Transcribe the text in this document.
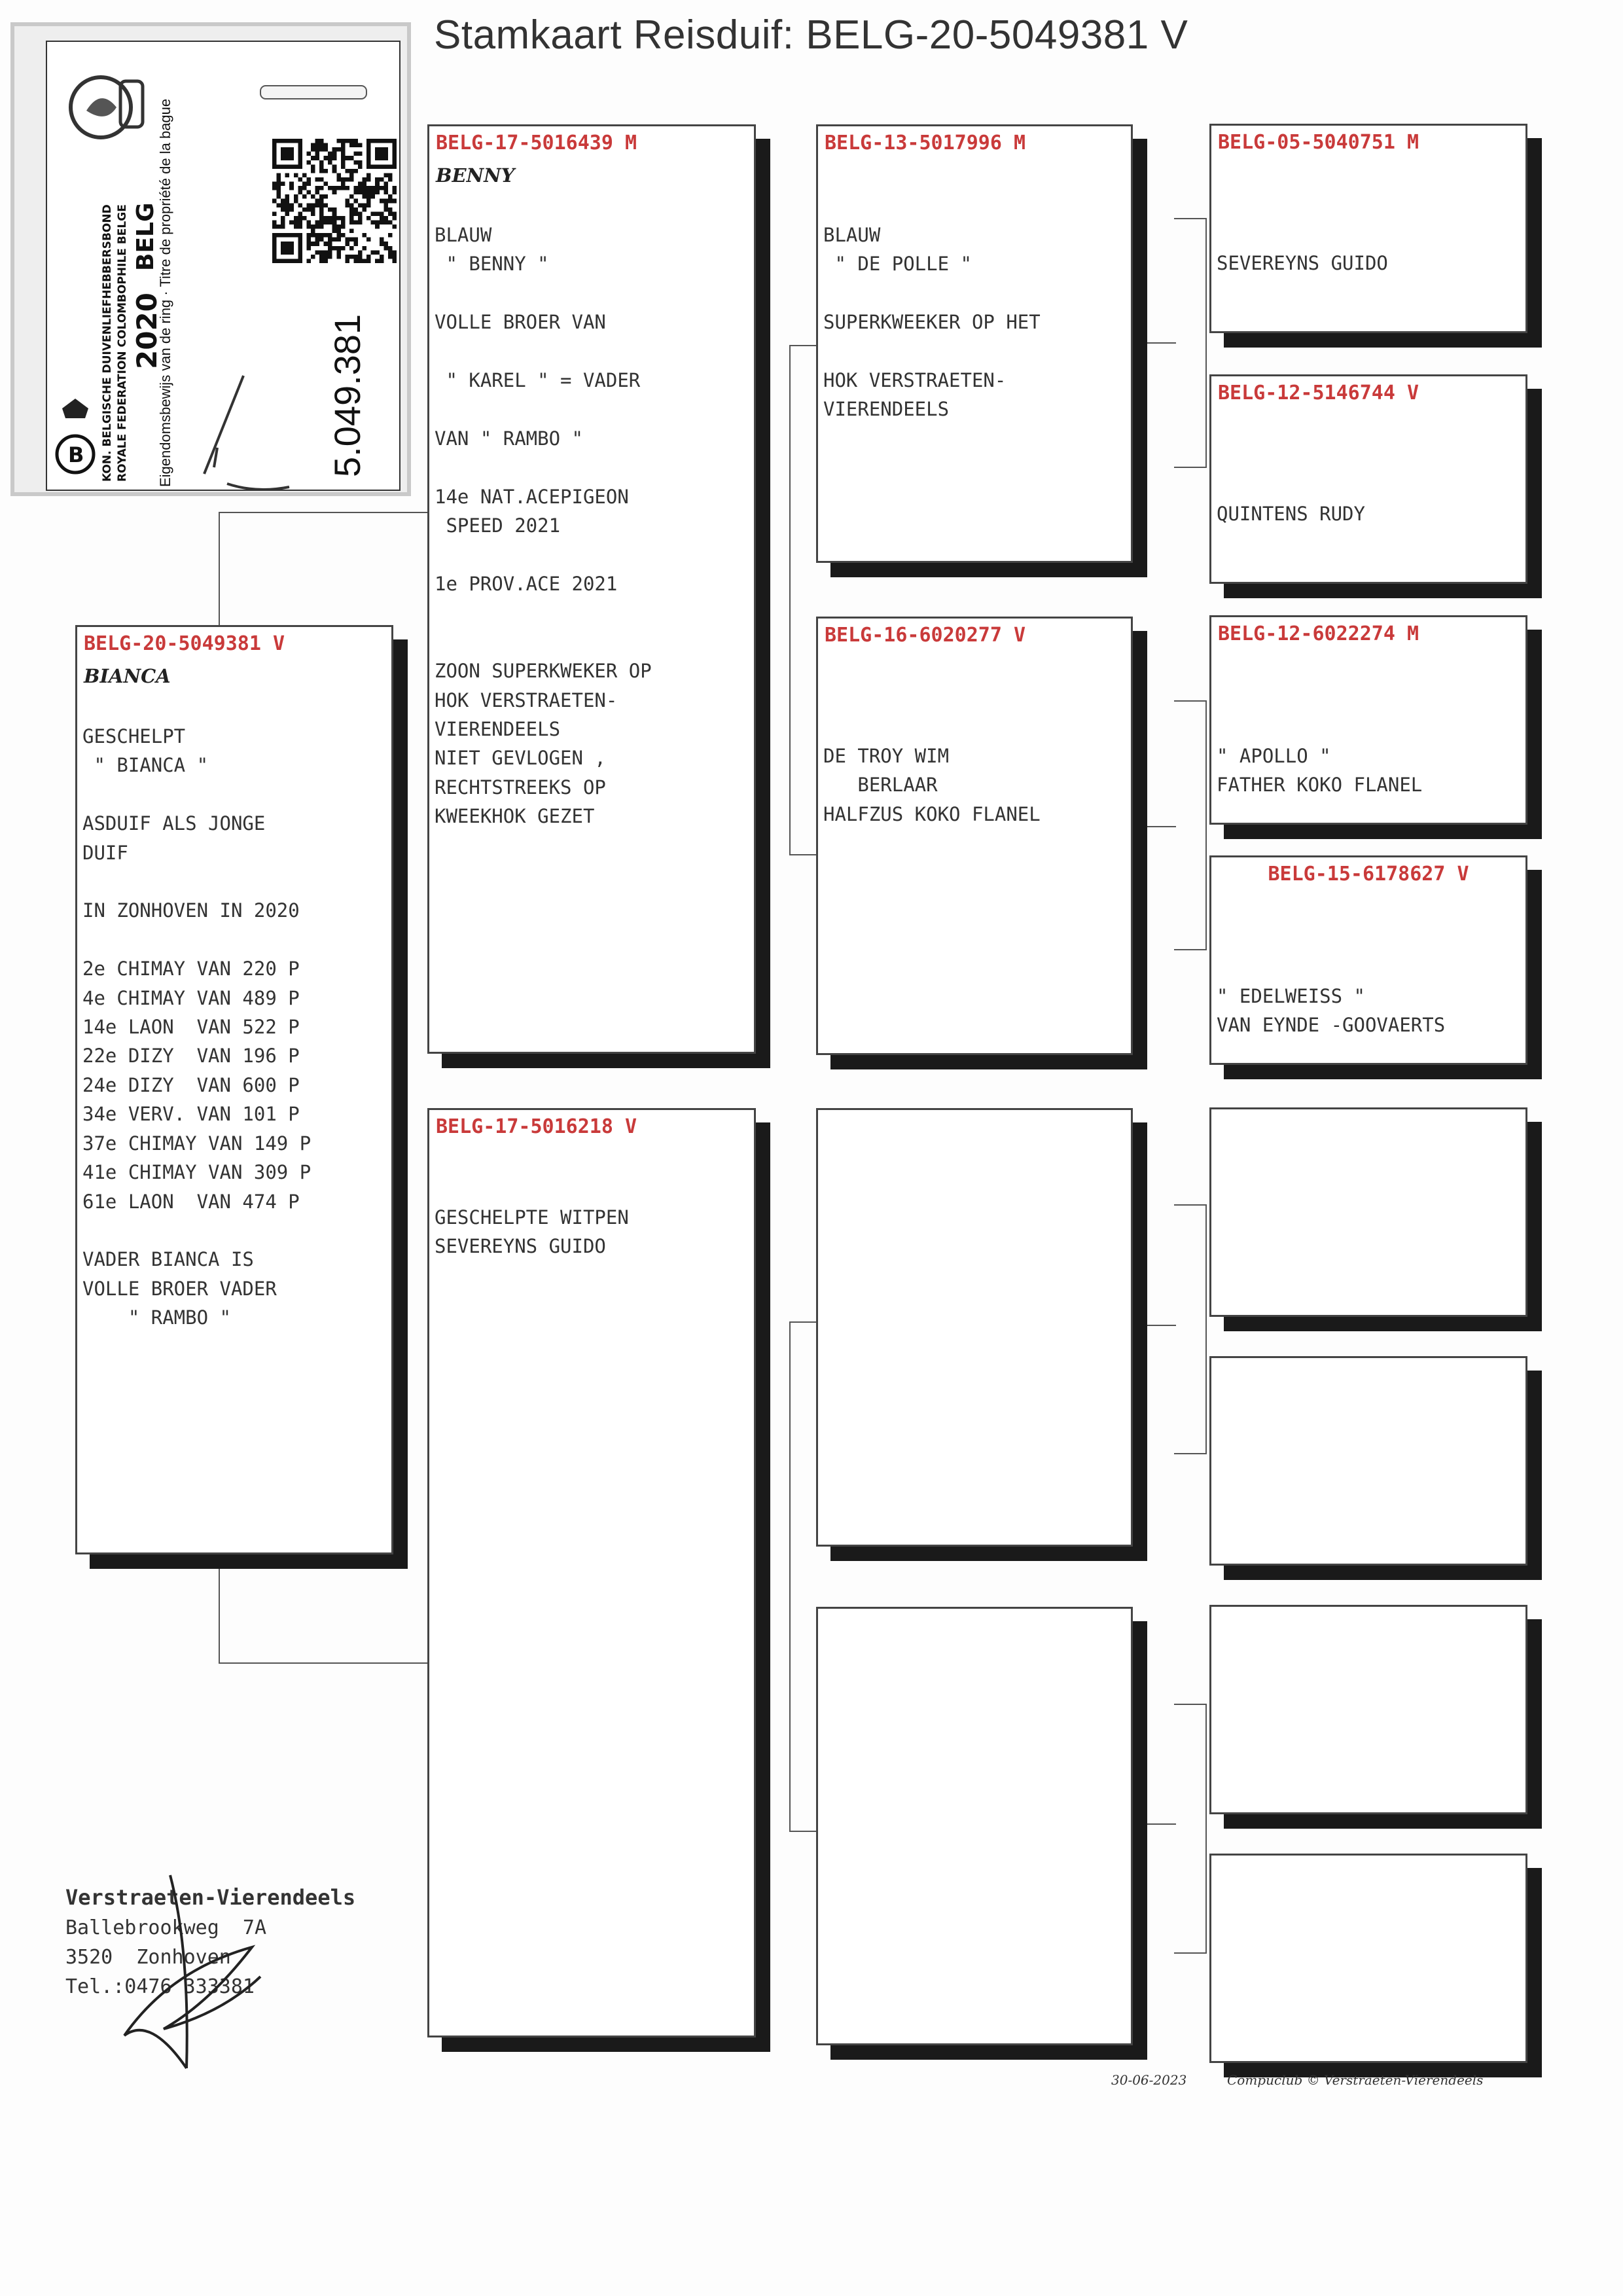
Stamkaart Reisduif: BELG-20-5049381 V
B KON. BELGISCHE DUIVENLIEFHEBBERSBOND ROYALE FEDERATION COLOMBOPHILE BELGE 2020
BELG
Eigendomsbewijs van de ring · Titre de propriété de la bague	5.049.381
BELG-20-5049381 V
BIANCA
GESCHELPT
" BIANCA "

ASDUIF ALS JONGE
DUIF

IN ZONHOVEN IN 2020

2e CHIMAY VAN 220 P
4e CHIMAY VAN 489 P
14e LAON  VAN 522 P
22e DIZY  VAN 196 P
24e DIZY  VAN 600 P
34e VERV. VAN 101 P
37e CHIMAY VAN 149 P
41e CHIMAY VAN 309 P
61e LAON  VAN 474 P

VADER BIANCA IS
VOLLE BROER VADER
" RAMBO "
BELG-17-5016439 M
BENNY
BLAUW
" BENNY "

VOLLE BROER VAN

" KAREL " = VADER

VAN " RAMBO "

14e NAT.ACEPIGEON
SPEED 2021

1e PROV.ACE 2021

ZOON SUPERKWEKER OP
HOK VERSTRAETEN-
VIERENDEELS
NIET GEVLOGEN ,
RECHTSTREEKS OP
KWEEKHOK GEZET
BELG-17-5016218 V
GESCHELPTE WITPEN
SEVEREYNS GUIDO
BELG-13-5017996 M
BLAUW
" DE POLLE "

SUPERKWEEKER OP HET

HOK VERSTRAETEN-
VIERENDEELS
BELG-16-6020277 V
DE TROY WIM
BERLAAR
HALFZUS KOKO FLANEL
BELG-05-5040751 M
SEVEREYNS GUIDO
BELG-12-5146744 V
QUINTENS RUDY
BELG-12-6022274 M
" APOLLO "
FATHER KOKO FLANEL
BELG-15-6178627 V
" EDELWEISS "
VAN EYNDE -GOOVAERTS
Verstraeten-Vierendeels
Ballebrookweg  7A
3520  Zonhoven
Tel.:0476 333381
30-06-2023	Compuclub © Verstraeten-Vierendeels
